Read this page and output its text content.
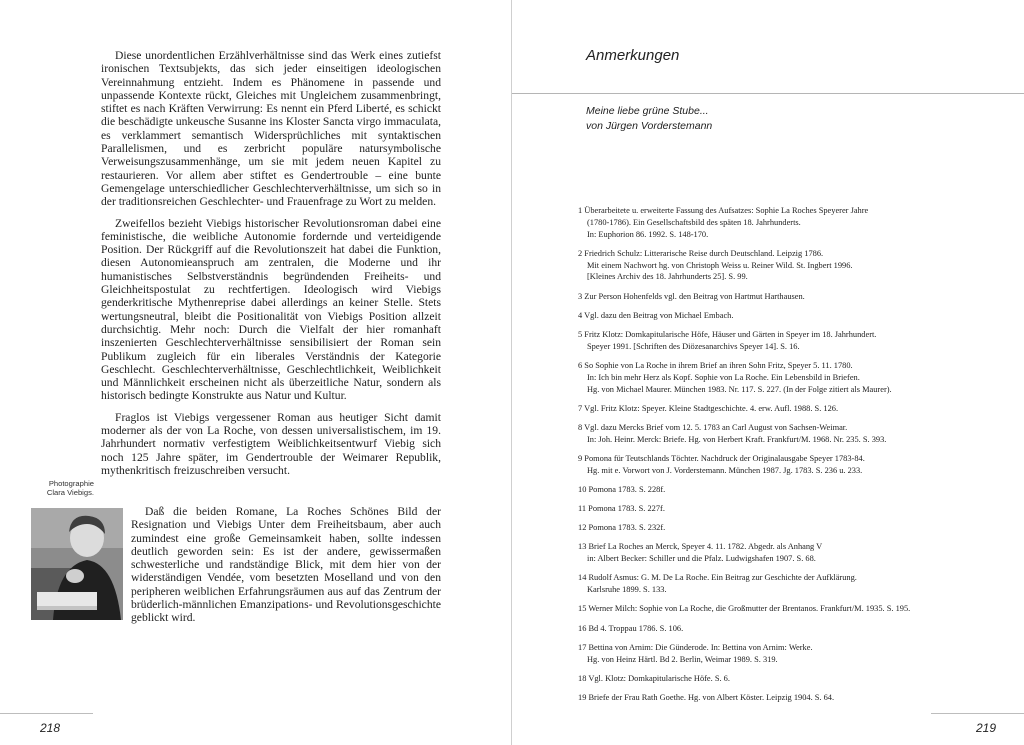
Diese unordentlichen Erzählverhältnisse sind das Werk eines zutiefst ironischen Textsubjekts, das sich jeder einseitigen ideologischen Vereinnahmung entzieht. Indem es Phänomene in passende und unpassende Kontexte rückt, Gleiches mit Ungleichem zusammenbringt, stiftet es nach Kräften Verwirrung: Es nennt ein Pferd Liberté, es schickt die beschädigte unkeusche Susanne ins Kloster Sancta virgo immaculata, es verklammert semantisch Widersprüchliches mit syntaktischen Parallelismen, und es zerbricht populäre natursymbolische Verweisungszusammenhänge, um sie mit jedem neuen Kapitel zu restaurieren. Vor allem aber stiftet es Gendertrouble – eine bunte Gemengelage unterschiedlicher Geschlechterverhältnisse, um sich so in der traditionsreichen Geschlechter- und Frauenfrage zu Wort zu melden.

Zweifellos bezieht Viebigs historischer Revolutionsroman dabei eine feministische, die weibliche Autonomie fordernde und verteidigende Position. Der Rückgriff auf die Revolutionszeit hat dabei die Funktion, diesen Autonomieanspruch am zentralen, die Moderne und ihr humanistisches Selbstverständnis begründenden Freiheits- und Gleichheitspostulat zu rechtfertigen. Ideologisch wird Viebigs genderkritische Mythenreprise dabei allerdings an keiner Stelle. Stets wertungsneutral, bleibt die Positionalität von Viebigs Position allzeit durchsichtig. Mehr noch: Durch die Vielfalt der hier romanhaft inszenierten Geschlechterverhältnisse sensibilisiert der Roman sein Publikum zugleich für ein liberales Verständnis der Kategorie Geschlecht. Geschlechterverhältnisse, Geschlechtlichkeit, Weiblichkeit und Männlichkeit erscheinen nicht als überzeitliche Natur, sondern als historisch bedingte Konstrukte aus Natur und Kultur.

Fraglos ist Viebigs vergessener Roman aus heutiger Sicht damit moderner als der von La Roche, von dessen universalistischem, im 19. Jahrhundert normativ verfestigtem Weiblichkeitsentwurf Viebig sich noch 125 Jahre später, im Gendertrouble der Weimarer Republik, mythenkritisch freizuschreiben versucht.

Photographie Clara Viebigs.

Daß die beiden Romane, La Roches Schönes Bild der Resignation und Viebigs Unter dem Freiheitsbaum, aber auch zumindest eine große Gemeinsamkeit haben, sollte indessen deutlich geworden sein: Es ist der andere, gewissermaßen schwesterliche und randständige Blick, mit dem hier von der widerständigen Vendée, vom besetzten Moselland und von den peripheren weiblichen Erfahrungsräumen aus auf das Zentrum der brüderlich-männlichen Emanzipations- und Revolutionsgeschichte geblickt wird.

218
Anmerkungen
Meine liebe grüne Stube...
von Jürgen Vorderstemann
1 Überarbeitete u. erweiterte Fassung des Aufsatzes: Sophie La Roches Speyerer Jahre
(1780-1786). Ein Gesellschaftsbild des späten 18. Jahrhunderts.
In: Euphorion 86. 1992. S. 148-170.
2 Friedrich Schulz: Litterarische Reise durch Deutschland. Leipzig 1786.
Mit einem Nachwort hg. von Christoph Weiss u. Reiner Wild. St. Ingbert 1996.
[Kleines Archiv des 18. Jahrhunderts 25]. S. 99.
3 Zur Person Hohenfelds vgl. den Beitrag von Hartmut Harthausen.
4 Vgl. dazu den Beitrag von Michael Embach.
5 Fritz Klotz: Domkapitularische Höfe, Häuser und Gärten in Speyer im 18. Jahrhundert.
Speyer 1991. [Schriften des Diözesanarchivs Speyer 14]. S. 16.
6 So Sophie von La Roche in ihrem Brief an ihren Sohn Fritz, Speyer 5. 11. 1780.
In: Ich bin mehr Herz als Kopf. Sophie von La Roche. Ein Lebensbild in Briefen.
Hg. von Michael Maurer. München 1983. Nr. 117. S. 227. (In der Folge zitiert als Maurer).
7 Vgl. Fritz Klotz: Speyer. Kleine Stadtgeschichte. 4. erw. Aufl. 1988. S. 126.
8 Vgl. dazu Mercks Brief vom 12. 5. 1783 an Carl August von Sachsen-Weimar.
In: Joh. Heinr. Merck: Briefe. Hg. von Herbert Kraft. Frankfurt/M. 1968. Nr. 235. S. 393.
9 Pomona für Teutschlands Töchter. Nachdruck der Originalausgabe Speyer 1783-84.
Hg. mit e. Vorwort von J. Vorderstemann. München 1987. Jg. 1783. S. 236 u. 233.
10 Pomona 1783. S. 228f.
11 Pomona 1783. S. 227f.
12 Pomona 1783. S. 232f.
13 Brief La Roches an Merck, Speyer 4. 11. 1782. Abgedr. als Anhang V
in: Albert Becker: Schiller und die Pfalz. Ludwigshafen 1907. S. 68.
14 Rudolf Asmus: G. M. De La Roche. Ein Beitrag zur Geschichte der Aufklärung.
Karlsruhe 1899. S. 133.
15 Werner Milch: Sophie von La Roche, die Großmutter der Brentanos. Frankfurt/M. 1935. S. 195.
16 Bd 4. Troppau 1786. S. 106.
17 Bettina von Arnim: Die Günderode. In: Bettina von Arnim: Werke.
Hg. von Heinz Härtl. Bd 2. Berlin, Weimar 1989. S. 319.
18 Vgl. Klotz: Domkapitularische Höfe. S. 6.
19 Briefe der Frau Rath Goethe. Hg. von Albert Köster. Leipzig 1904. S. 64.
219
